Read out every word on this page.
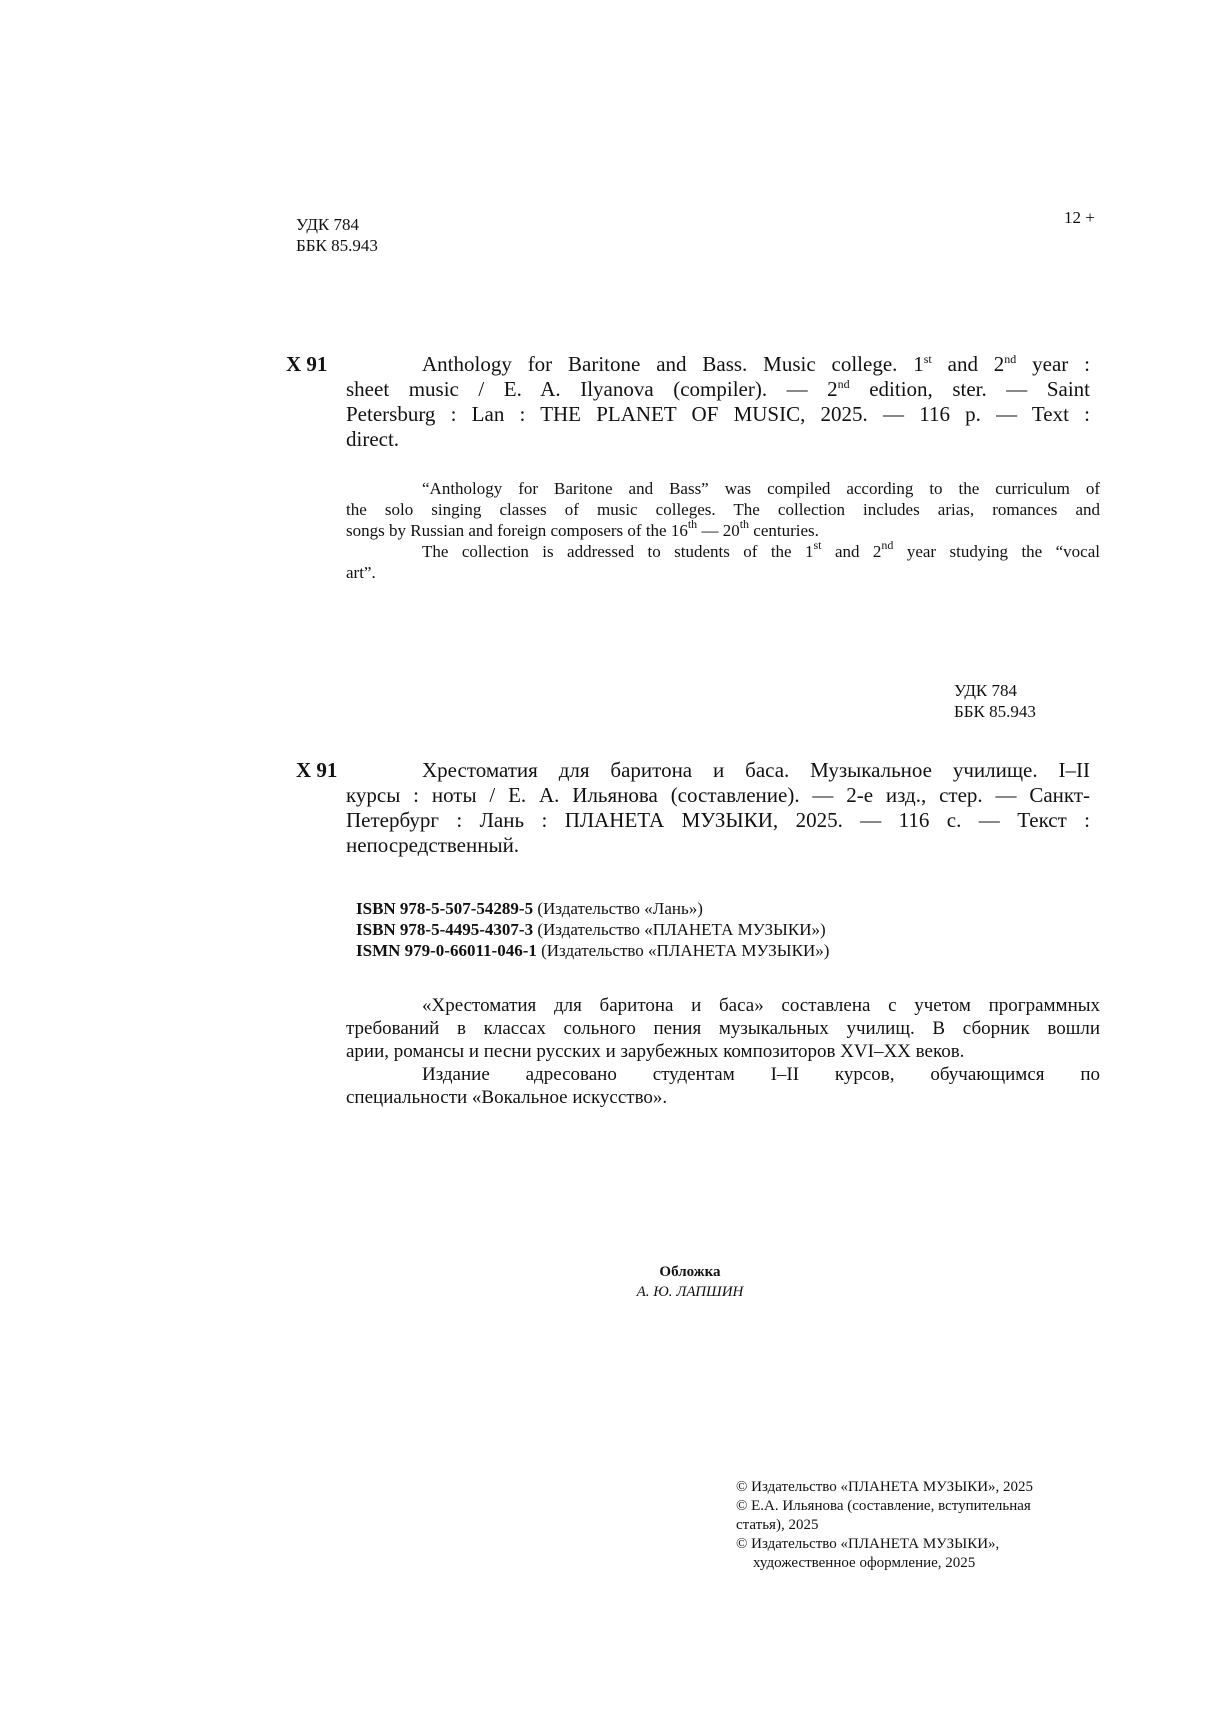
УДК 784
ББК 85.943
12 +
Х 91	Anthology for Baritone and Bass. Music college. 1st and 2nd year :
sheet music / E. A. Ilyanova (compiler). — 2nd edition, ster. — Saint
Petersburg : Lan : THE PLANET OF MUSIC, 2025. — 116 p. — Text :
direct.
“Anthology for Baritone and Bass” was compiled according to the curriculum of
the solo singing classes of music colleges. The collection includes arias, romances and
songs by Russian and foreign composers of the 16th — 20th centuries.
The collection is addressed to students of the 1st and 2nd year studying the “vocal
art”.
УДК 784
ББК 85.943
Х 91	Хрестоматия для баритона и баса. Музыкальное училище. I–II
курсы : ноты / Е. А. Ильянова (составление). — 2-е изд., стер. — Санкт-
Петербург : Лань : ПЛАНЕТА МУЗЫКИ, 2025. — 116 с. — Текст :
непосредственный.
ISBN 978-5-507-54289-5 (Издательство «Лань»)
ISBN 978-5-4495-4307-3 (Издательство «ПЛАНЕТА МУЗЫКИ»)
ISMN 979-0-66011-046-1 (Издательство «ПЛАНЕТА МУЗЫКИ»)
«Хрестоматия для баритона и баса» составлена с учетом программных
требований в классах сольного пения музыкальных училищ. В сборник вошли
арии, романсы и песни русских и зарубежных композиторов XVI–XX веков.
Издание адресовано студентам I–II курсов, обучающимся по
специальности «Вокальное искусство».
Обложка
А. Ю. ЛАПШИН
© Издательство «ПЛАНЕТА МУЗЫКИ», 2025
© Е.А. Ильянова (составление, вступительная
статья), 2025
© Издательство «ПЛАНЕТА МУЗЫКИ»,
художественное оформление, 2025
